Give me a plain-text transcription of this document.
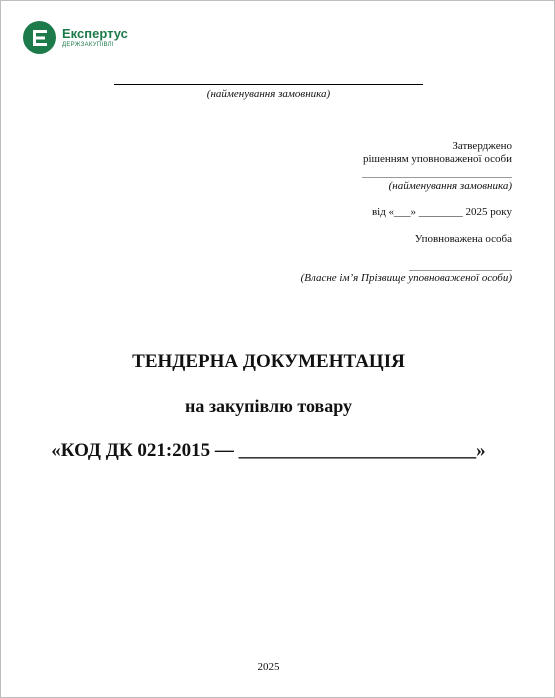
Експертус
ДЕРЖЗАКУПІВЛІ
(найменування замовника)
Затверджено
рішенням уповноваженої особи
(найменування замовника)
від «___» ________ 2025 року
Уповноважена особа
(Власне ім’я Прізвище уповноваженої особи)
ТЕНДЕРНА ДОКУМЕНТАЦІЯ
на закупівлю товару
«КОД ДК 021:2015 — _________________________»
2025
